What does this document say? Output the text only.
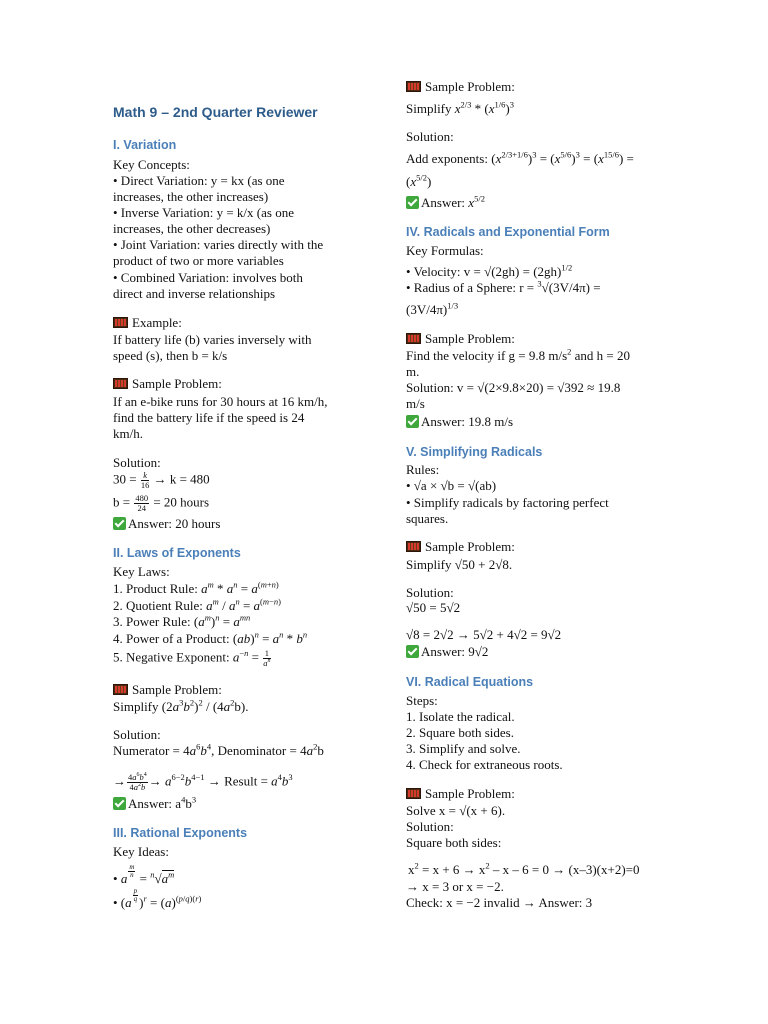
Math 9 – 2nd Quarter Reviewer
I. Variation
Key Concepts:
• Direct Variation: y = kx (as one
increases, the other increases)
• Inverse Variation: y = k/x (as one
increases, the other decreases)
• Joint Variation: varies directly with the
product of two or more variables
• Combined Variation: involves both
direct and inverse relationships
Example:
If battery life (b) varies inversely with
speed (s), then b = k/s
Sample Problem:
If an e-bike runs for 30 hours at 16 km/h,
find the battery life if the speed is 24
km/h.
Solution:
$30 = \frac{k}{16} \to k = 480$
$b = \frac{480}{24} = 20$ hours
Answer: 20 hours
II. Laws of Exponents
Key Laws:
1. Product Rule: $a^m * a^n = a^{(m+n)}$
2. Quotient Rule: $a^m / a^n = a^{(m-n)}$
3. Power Rule: $(a^m)^n = a^{mn}$
4. Power of a Product: $(ab)^n = a^n * b^n$
5. Negative Exponent: $a^{-n} = \frac{1}{a^n}$
Sample Problem:
Simplify $(2a^3b^2)^2 / (4a^2b)$.
Solution:
Numerator = $4a^6b^4$, Denominator = $4a^2b$
→ $\frac{4a^6b^4}{4a^2b} \to a^{6-2}b^{4-1}$ → Result = $a^4b^3$
Answer: $a^4b^3$
III. Rational Exponents
Key Ideas:
• a $\frac{m}{n} = ^n√a^m$
• $(a \frac{p}{q} )^r = (a)^{(p/q)(r)}$
Sample Problem:
Simplify $x^{2/3} * (x^{1/6})^3$
Solution:
Add exponents: $(x^{2/3+1/6})^3 = (x^{5/6})^3 = (x^{15/6})$ =
$(x^{5/2})$
Answer: $x^{5/2}$
IV. Radicals and Exponential Form
Key Formulas:
• Velocity: $v = √(2gh) = (2gh)^{1/2}$
• Radius of a Sphere: r = $^3$√(3V/4π) =
$(3V/4\pi)^{1/3}$
Sample Problem:
Find the velocity if g = 9.8 $m/s^2$ and h = 20
m.
Solution: v = √(2×9.8×20) = √392 ≈ 19.8
m/s
Answer: 19.8 m/s
V. Simplifying Radicals
Rules:
• √a × √b = √(ab)
• Simplify radicals by factoring perfect
squares.
Sample Problem:
Simplify √50 + 2√8.
Solution:
√50 = 5√2
√8 = 2√2 → 5√2 + 4√2 = 9√2
Answer: 9√2
VI. Radical Equations
Steps:
1. Isolate the radical.
2. Square both sides.
3. Simplify and solve.
4. Check for extraneous roots.
Sample Problem:
Solve x = √(x + 6).
Solution:
Square both sides:
$x^2 = x + 6 \to x^2 - x - 6 = 0 \to (x-3)(x+2)=0$
→ x = 3 or x = −2.
Check: x = −2 invalid → Answer: 3
